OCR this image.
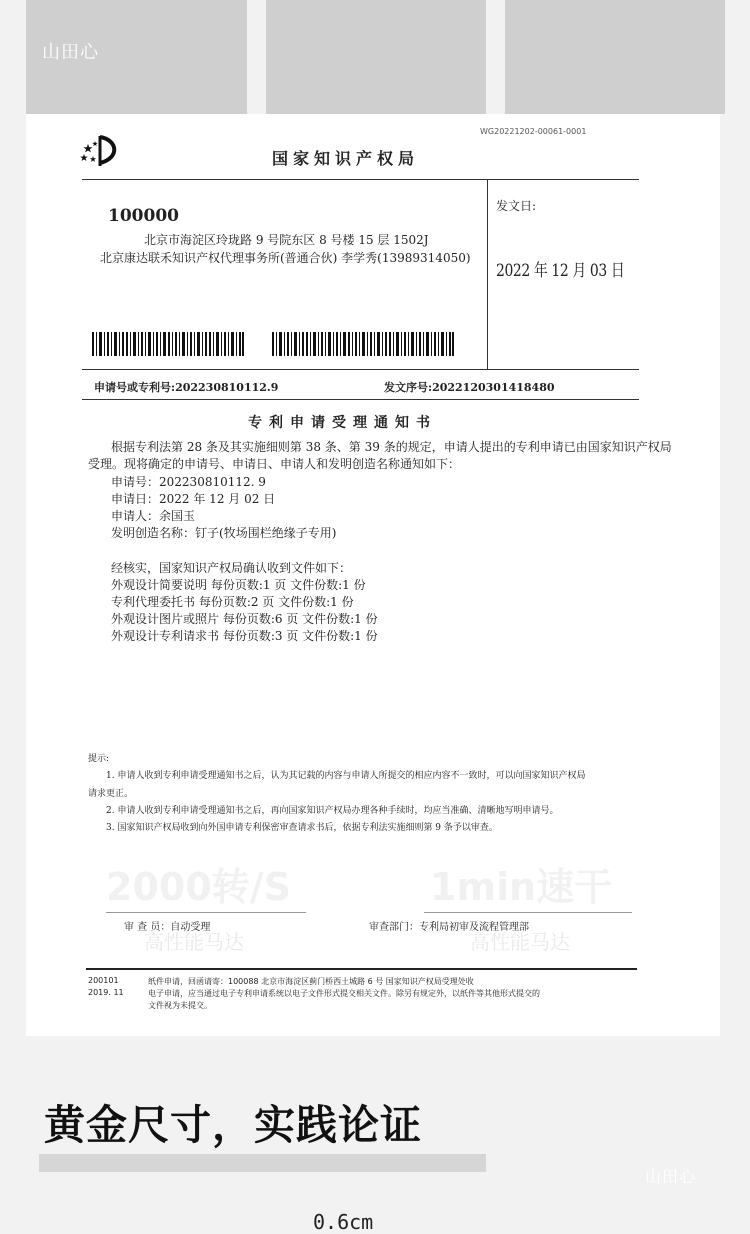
山田心
WG20221202-00061-0001
国家知识产权局
100000
北京市海淀区玲珑路 9 号院东区 8 号楼 15 层 1502J
北京康达联禾知识产权代理事务所(普通合伙) 李学秀(13989314050)
发文日:
2022 年 12 月 03 日
申请号或专利号:202230810112.9	发文序号:2022120301418480
专利申请受理通知书
根据专利法第 28 条及其实施细则第 38 条、第 39 条的规定，申请人提出的专利申请已由国家知识产权局
受理。现将确定的申请号、申请日、申请人和发明创造名称通知如下：
申请号：202230810112. 9
申请日：2022 年 12 月 02 日
申请人：余国玉
发明创造名称：钉子(牧场围栏绝缘子专用)
经核实，国家知识产权局确认收到文件如下：
外观设计简要说明 每份页数:1 页 文件份数:1 份
专利代理委托书 每份页数:2 页 文件份数:1 份
外观设计图片或照片 每份页数:6 页 文件份数:1 份
外观设计专利请求书 每份页数:3 页 文件份数:1 份
提示:
1. 申请人收到专利申请受理通知书之后，认为其记载的内容与申请人所提交的相应内容不一致时，可以向国家知识产权局
请求更正。
2. 申请人收到专利申请受理通知书之后，再向国家知识产权局办理各种手续时，均应当准确、清晰地写明申请号。
3. 国家知识产权局收到向外国申请专利保密审查请求书后，依据专利法实施细则第 9 条予以审查。
2000转/S	1min速干
高性能马达	高性能马达
审 查 员：自动受理	审查部门：专利局初审及流程管理部
200101
2019. 11
纸件申请，回函请寄：100088 北京市海淀区蓟门桥西土城路 6 号 国家知识产权局受理处收
电子申请，应当通过电子专利申请系统以电子文件形式提交相关文件。除另有规定外，以纸件等其他形式提交的
文件视为未提交。
黄金尺寸，实践论证
山田心
0.6cm
